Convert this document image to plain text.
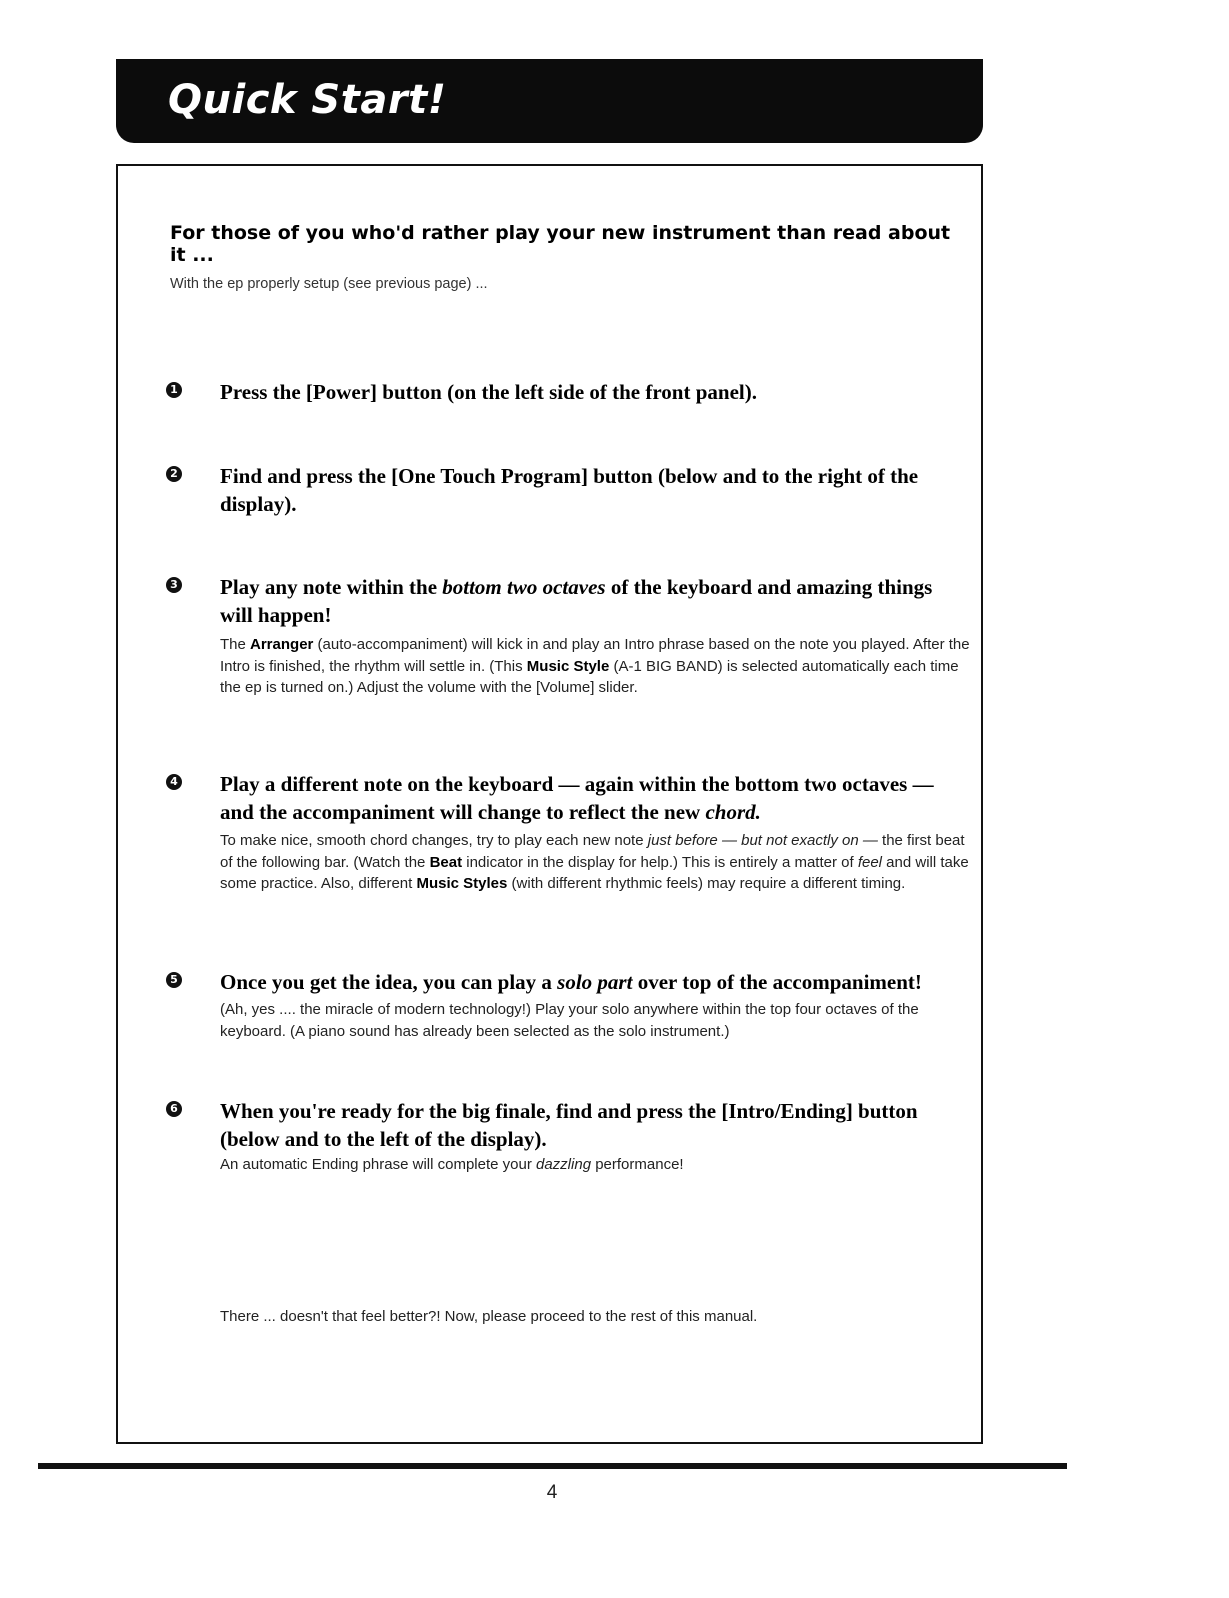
Quick Start!
For those of you who'd rather play your new instrument than read about it ...
With the ep properly setup (see previous page) ...
1 Press the [Power] button (on the left side of the front panel).
2 Find and press the [One Touch Program] button (below and to the right of the display).
3 Play any note within the bottom two octaves of the keyboard and amazing things will happen!
The Arranger (auto-accompaniment) will kick in and play an Intro phrase based on the note you played. After the Intro is finished, the rhythm will settle in. (This Music Style (A-1 BIG BAND) is selected automatically each time the ep is turned on.) Adjust the volume with the [Volume] slider.
4 Play a different note on the keyboard — again within the bottom two octaves — and the accompaniment will change to reflect the new chord.
To make nice, smooth chord changes, try to play each new note just before — but not exactly on — the first beat of the following bar. (Watch the Beat indicator in the display for help.) This is entirely a matter of feel and will take some practice. Also, different Music Styles (with different rhythmic feels) may require a different timing.
5 Once you get the idea, you can play a solo part over top of the accompaniment!
(Ah, yes .... the miracle of modern technology!) Play your solo anywhere within the top four octaves of the keyboard. (A piano sound has already been selected as the solo instrument.)
6 When you're ready for the big finale, find and press the [Intro/Ending] button (below and to the left of the display).
An automatic Ending phrase will complete your dazzling performance!
There ... doesn't that feel better?! Now, please proceed to the rest of this manual.
4
